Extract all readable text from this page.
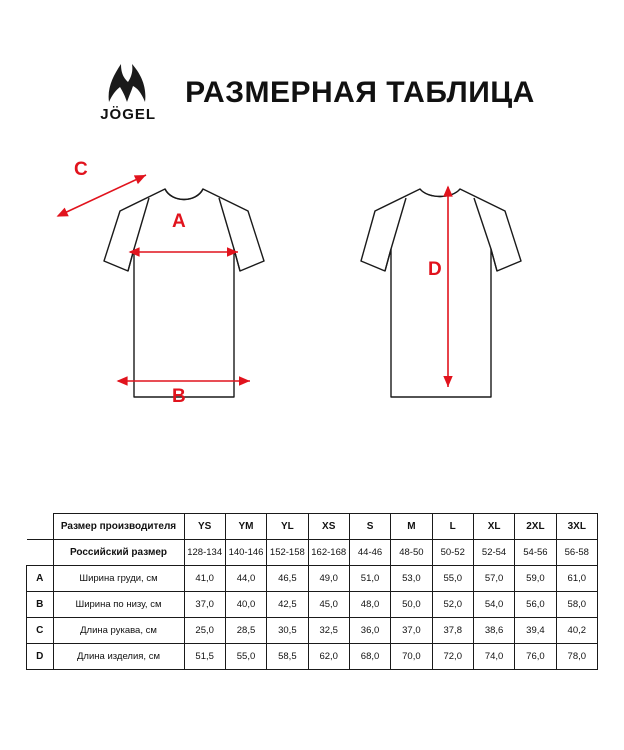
JÖGEL
РАЗМЕРНАЯ ТАБЛИЦА
A
B
C
D
	Размер производителя	YS	YM	YL	XS	S	M	L	XL	2XL	3XL
	Российский размер	128-134	140-146	152-158	162-168	44-46	48-50	50-52	52-54	54-56	56-58
A	Ширина груди, см	41,0	44,0	46,5	49,0	51,0	53,0	55,0	57,0	59,0	61,0
B	Ширина по низу, см	37,0	40,0	42,5	45,0	48,0	50,0	52,0	54,0	56,0	58,0
C	Длина рукава, см	25,0	28,5	30,5	32,5	36,0	37,0	37,8	38,6	39,4	40,2
D	Длина изделия, см	51,5	55,0	58,5	62,0	68,0	70,0	72,0	74,0	76,0	78,0
